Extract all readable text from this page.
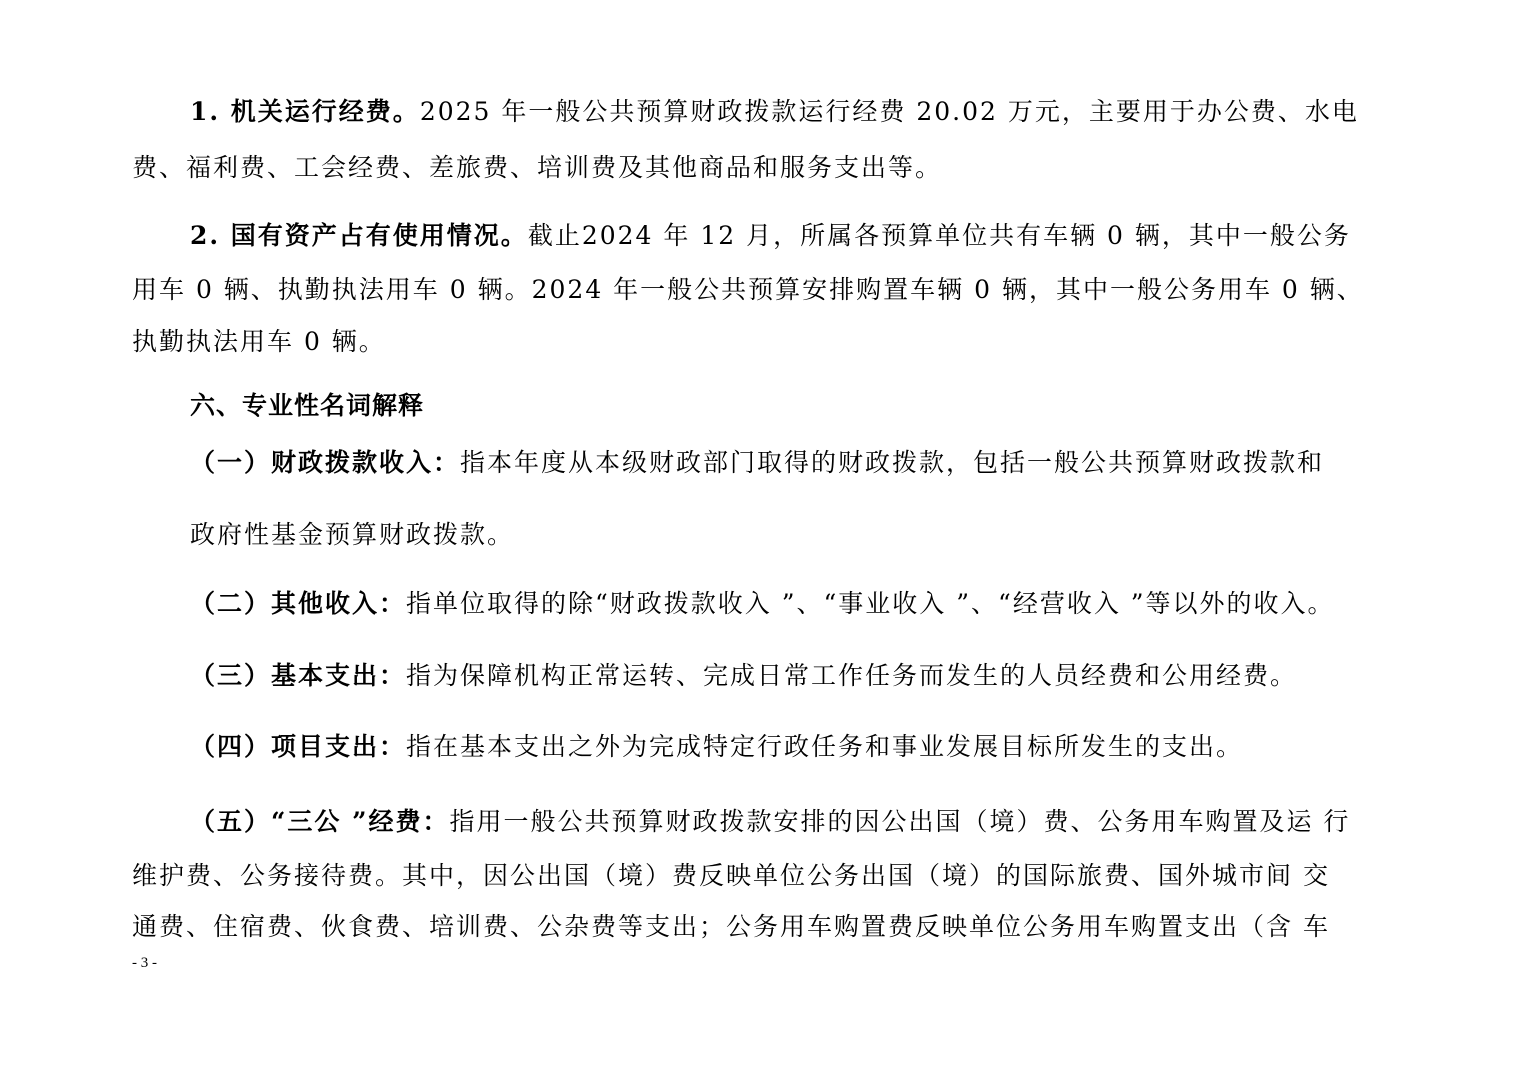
1. 机关运行经费。2025 年一般公共预算财政拨款运行经费 20.02 万元，主要用于办公费、水电
费、福利费、工会经费、差旅费、培训费及其他商品和服务支出等。
2. 国有资产占有使用情况。截止2024 年 12 月，所属各预算单位共有车辆 0 辆，其中一般公务
用车 0 辆、执勤执法用车 0 辆。2024 年一般公共预算安排购置车辆 0 辆，其中一般公务用车 0 辆、
执勤执法用车 0 辆。
六、专业性名词解释
（一）财政拨款收入：指本年度从本级财政部门取得的财政拨款，包括一般公共预算财政拨款和
政府性基金预算财政拨款。
（二）其他收入：指单位取得的除“财政拨款收入 ”、“事业收入 ”、“经营收入 ”等以外的收入。
（三）基本支出：指为保障机构正常运转、完成日常工作任务而发生的人员经费和公用经费。
（四）项目支出：指在基本支出之外为完成特定行政任务和事业发展目标所发生的支出。
（五）“三公 ”经费：指用一般公共预算财政拨款安排的因公出国（境）费、公务用车购置及运 行
维护费、公务接待费。其中，因公出国（境）费反映单位公务出国（境）的国际旅费、国外城市间 交
通费、住宿费、伙食费、培训费、公杂费等支出；公务用车购置费反映单位公务用车购置支出（含 车
- 3 -
